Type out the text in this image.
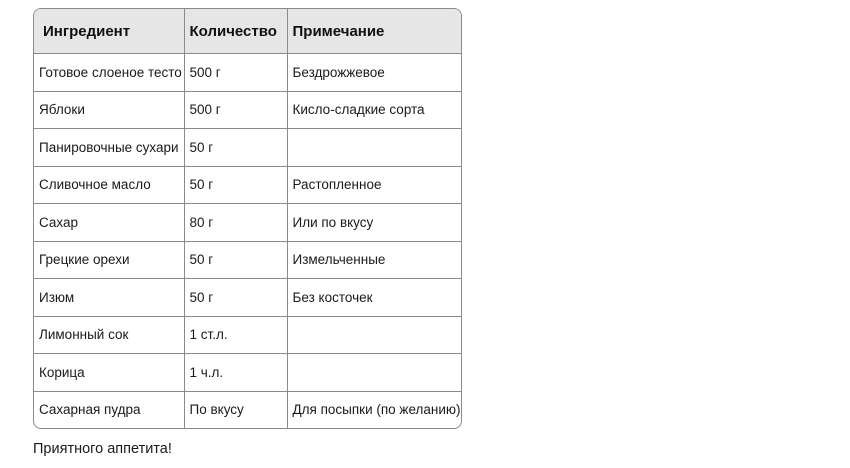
Ингредиент	Количество	Примечание
Готовое слоеное тесто	500 г	Бездрожжевое
Яблоки	500 г	Кисло-сладкие сорта
Панировочные сухари	50 г	
Сливочное масло	50 г	Растопленное
Сахар	80 г	Или по вкусу
Грецкие орехи	50 г	Измельченные
Изюм	50 г	Без косточек
Лимонный сок	1 ст.л.	
Корица	1 ч.л.	
Сахарная пудра	По вкусу	Для посыпки (по желанию)

Приятного аппетита!
